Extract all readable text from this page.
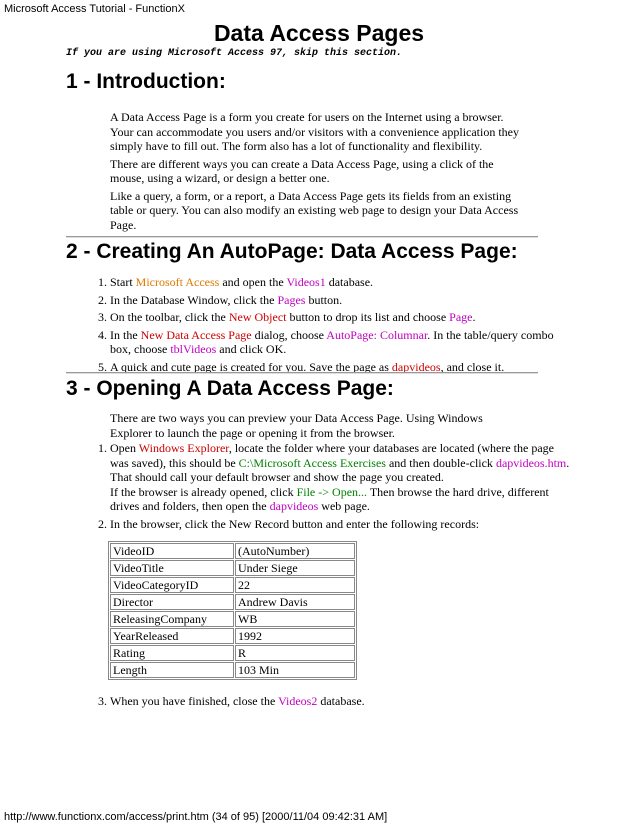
Microsoft Access Tutorial - FunctionX
Data Access Pages
If you are using Microsoft Access 97, skip this section.
1 - Introduction:

A Data Access Page is a form you create for users on the Internet using a browser. Your can accommodate you users and/or visitors with a convenience application they simply have to fill out. The form also has a lot of functionality and flexibility.

There are different ways you can create a Data Access Page, using a click of the mouse, using a wizard, or design a better one.

Like a query, a form, or a report, a Data Access Page gets its fields from an existing table or query. You can also modify an existing web page to design your Data Access Page.

2 - Creating An AutoPage: Data Access Page:
1. Start Microsoft Access and open the Videos1 database.
2. In the Database Window, click the Pages button.
3. On the toolbar, click the New Object button to drop its list and choose Page.
4. In the New Data Access Page dialog, choose AutoPage: Columnar. In the table/query combo box, choose tblVideos and click OK.
5. A quick and cute page is created for you. Save the page as dapvideos, and close it.
3 - Opening A Data Access Page:
There are two ways you can preview your Data Access Page. Using Windows Explorer to launch the page or opening it from the browser.
1. Open Windows Explorer, locate the folder where your databases are located (where the page was saved), this should be C:\Microsoft Access Exercises and then double-click dapvideos.htm. That should call your default browser and show the page you created.
If the browser is already opened, click File -> Open... Then browse the hard drive, different drives and folders, then open the dapvideos web page.
2. In the browser, click the New Record button and enter the following records:
VideoID	(AutoNumber)
VideoTitle	Under Siege
VideoCategoryID	22
Director	Andrew Davis
ReleasingCompany	WB
YearReleased	1992
Rating	R
Length	103 Min
3. When you have finished, close the Videos2 database.
http://www.functionx.com/access/print.htm (34 of 95) [2000/11/04 09:42:31 AM]
